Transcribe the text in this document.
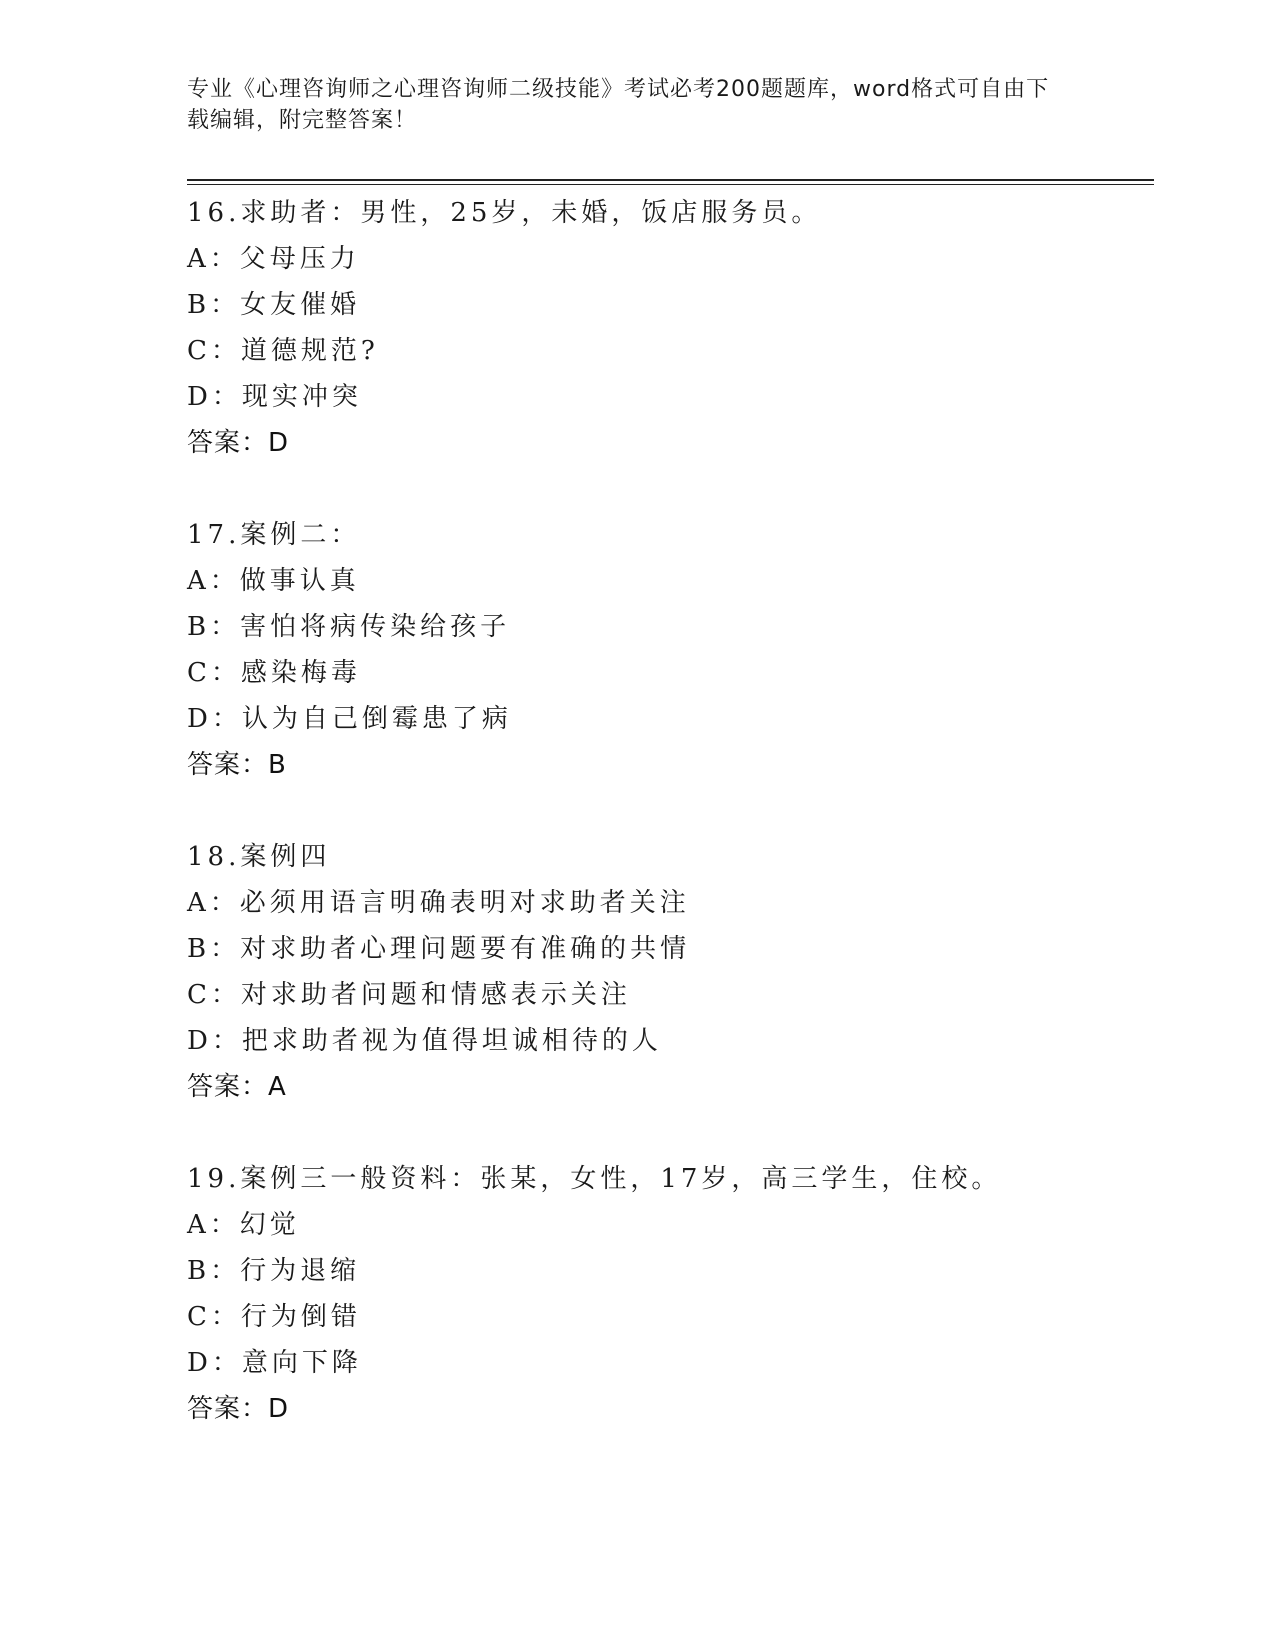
专业《心理咨询师之心理咨询师二级技能》考试必考200题题库，word格式可自由下载编辑，附完整答案！
16.求助者：男性，25岁，未婚，饭店服务员。
A：父母压力
B：女友催婚
C：道德规范?
D：现实冲突
答案：D
17.案例二：
A：做事认真
B：害怕将病传染给孩子
C：感染梅毒
D：认为自己倒霉患了病
答案：B
18.案例四
A：必须用语言明确表明对求助者关注
B：对求助者心理问题要有准确的共情
C：对求助者问题和情感表示关注
D：把求助者视为值得坦诚相待的人
答案：A
19.案例三一般资料：张某，女性，17岁，高三学生，住校。
A：幻觉
B：行为退缩
C：行为倒错
D：意向下降
答案：D
